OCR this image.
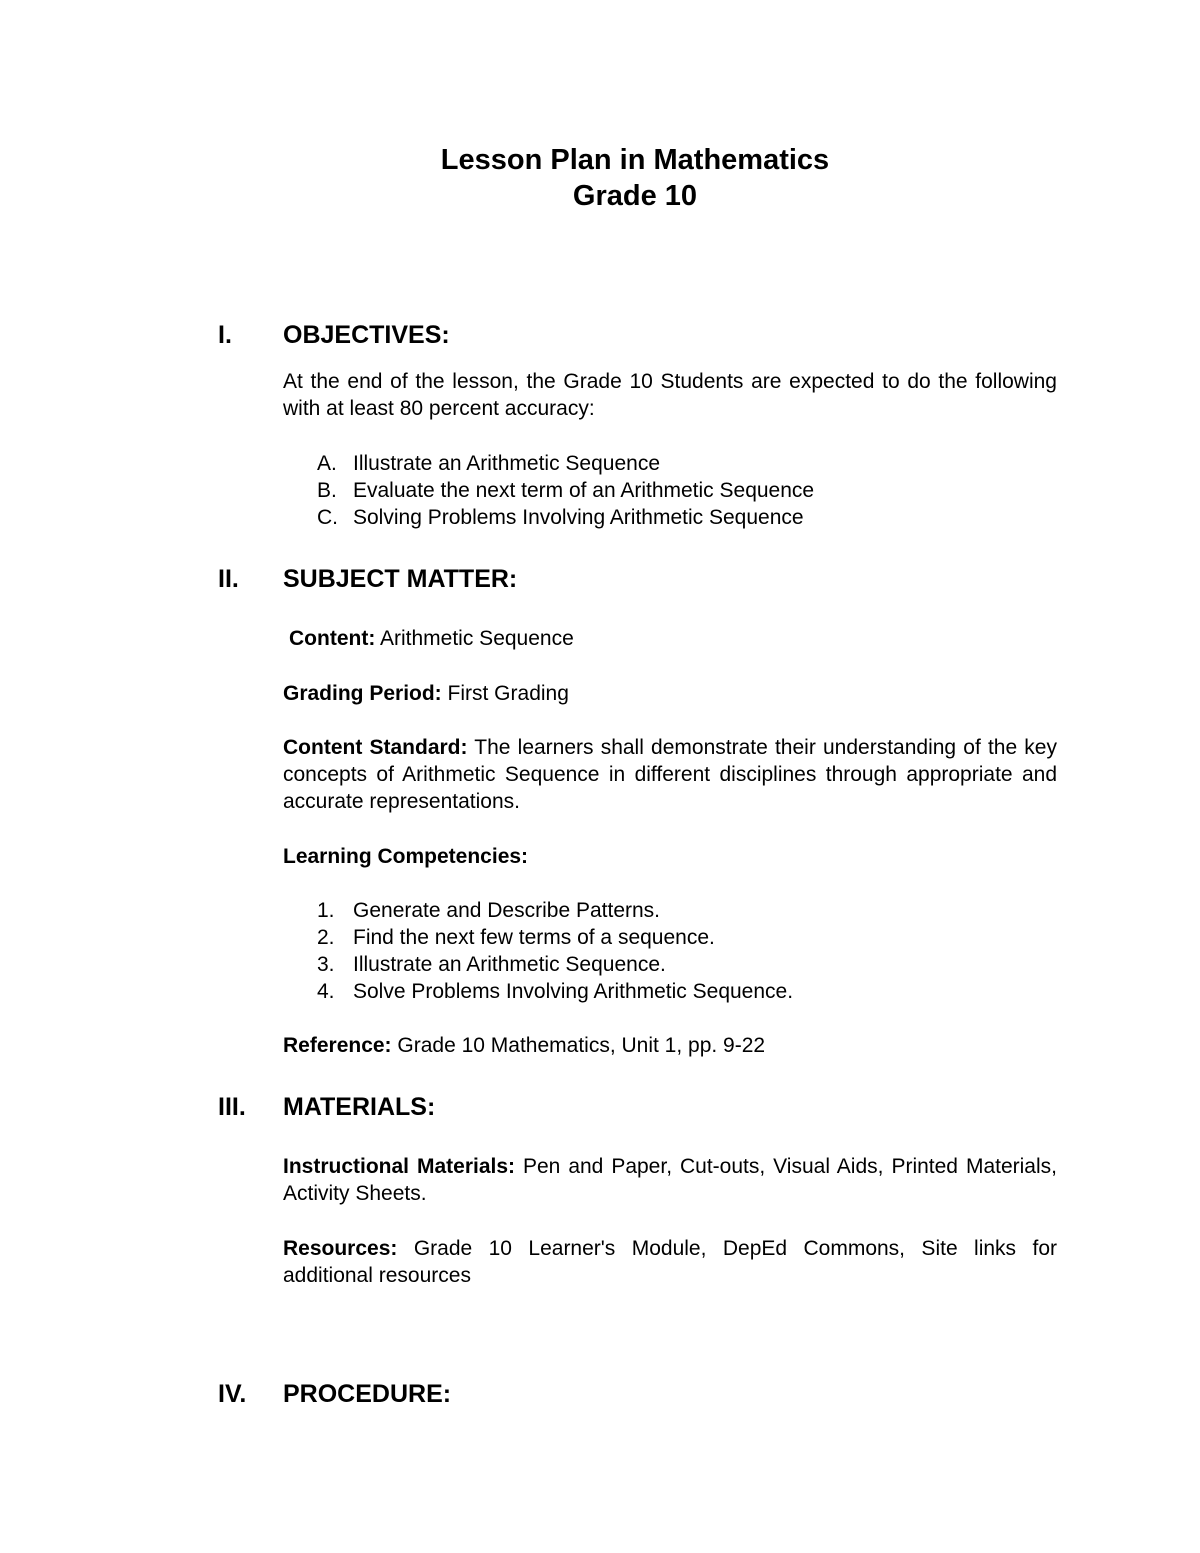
Lesson Plan in Mathematics
Grade 10
I. OBJECTIVES:
At the end of the lesson, the Grade 10 Students are expected to do the following with at least 80 percent accuracy:
A. Illustrate an Arithmetic Sequence
B. Evaluate the next term of an Arithmetic Sequence
C. Solving Problems Involving Arithmetic Sequence
II. SUBJECT MATTER:
Content: Arithmetic Sequence
Grading Period: First Grading
Content Standard: The learners shall demonstrate their understanding of the key concepts of Arithmetic Sequence in different disciplines through appropriate and accurate representations.
Learning Competencies:
1. Generate and Describe Patterns.
2. Find the next few terms of a sequence.
3. Illustrate an Arithmetic Sequence.
4. Solve Problems Involving Arithmetic Sequence.
Reference: Grade 10 Mathematics, Unit 1, pp. 9-22
III. MATERIALS:
Instructional Materials: Pen and Paper, Cut-outs, Visual Aids, Printed Materials, Activity Sheets.
Resources: Grade 10 Learner's Module, DepEd Commons, Site links for additional resources
IV. PROCEDURE:
